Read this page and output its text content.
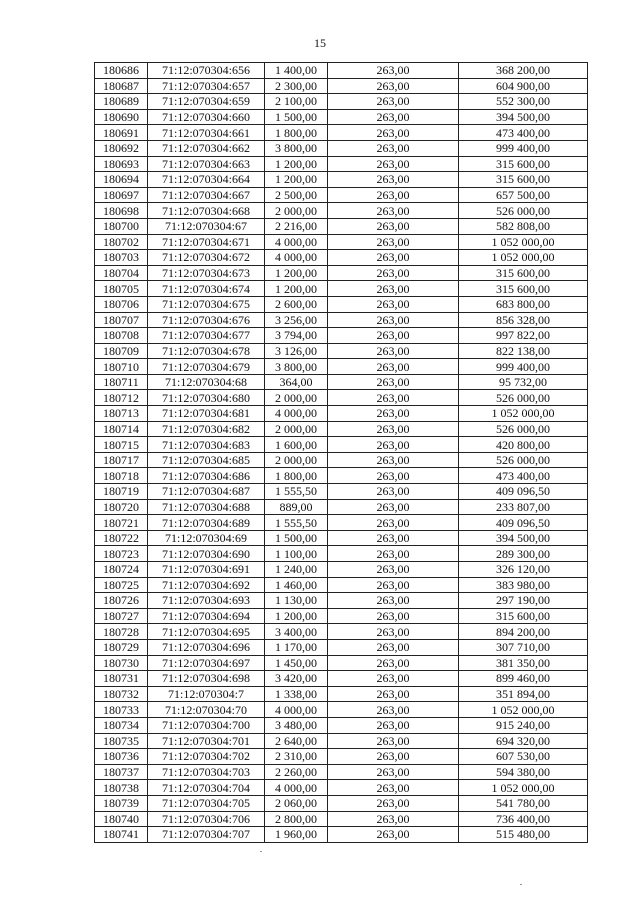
15
180686	71:12:070304:656	1 400,00	263,00	368 200,00
180687	71:12:070304:657	2 300,00	263,00	604 900,00
180689	71:12:070304:659	2 100,00	263,00	552 300,00
180690	71:12:070304:660	1 500,00	263,00	394 500,00
180691	71:12:070304:661	1 800,00	263,00	473 400,00
180692	71:12:070304:662	3 800,00	263,00	999 400,00
180693	71:12:070304:663	1 200,00	263,00	315 600,00
180694	71:12:070304:664	1 200,00	263,00	315 600,00
180697	71:12:070304:667	2 500,00	263,00	657 500,00
180698	71:12:070304:668	2 000,00	263,00	526 000,00
180700	71:12:070304:67	2 216,00	263,00	582 808,00
180702	71:12:070304:671	4 000,00	263,00	1 052 000,00
180703	71:12:070304:672	4 000,00	263,00	1 052 000,00
180704	71:12:070304:673	1 200,00	263,00	315 600,00
180705	71:12:070304:674	1 200,00	263,00	315 600,00
180706	71:12:070304:675	2 600,00	263,00	683 800,00
180707	71:12:070304:676	3 256,00	263,00	856 328,00
180708	71:12:070304:677	3 794,00	263,00	997 822,00
180709	71:12:070304:678	3 126,00	263,00	822 138,00
180710	71:12:070304:679	3 800,00	263,00	999 400,00
180711	71:12:070304:68	364,00	263,00	95 732,00
180712	71:12:070304:680	2 000,00	263,00	526 000,00
180713	71:12:070304:681	4 000,00	263,00	1 052 000,00
180714	71:12:070304:682	2 000,00	263,00	526 000,00
180715	71:12:070304:683	1 600,00	263,00	420 800,00
180717	71:12:070304:685	2 000,00	263,00	526 000,00
180718	71:12:070304:686	1 800,00	263,00	473 400,00
180719	71:12:070304:687	1 555,50	263,00	409 096,50
180720	71:12:070304:688	889,00	263,00	233 807,00
180721	71:12:070304:689	1 555,50	263,00	409 096,50
180722	71:12:070304:69	1 500,00	263,00	394 500,00
180723	71:12:070304:690	1 100,00	263,00	289 300,00
180724	71:12:070304:691	1 240,00	263,00	326 120,00
180725	71:12:070304:692	1 460,00	263,00	383 980,00
180726	71:12:070304:693	1 130,00	263,00	297 190,00
180727	71:12:070304:694	1 200,00	263,00	315 600,00
180728	71:12:070304:695	3 400,00	263,00	894 200,00
180729	71:12:070304:696	1 170,00	263,00	307 710,00
180730	71:12:070304:697	1 450,00	263,00	381 350,00
180731	71:12:070304:698	3 420,00	263,00	899 460,00
180732	71:12:070304:7	1 338,00	263,00	351 894,00
180733	71:12:070304:70	4 000,00	263,00	1 052 000,00
180734	71:12:070304:700	3 480,00	263,00	915 240,00
180735	71:12:070304:701	2 640,00	263,00	694 320,00
180736	71:12:070304:702	2 310,00	263,00	607 530,00
180737	71:12:070304:703	2 260,00	263,00	594 380,00
180738	71:12:070304:704	4 000,00	263,00	1 052 000,00
180739	71:12:070304:705	2 060,00	263,00	541 780,00
180740	71:12:070304:706	2 800,00	263,00	736 400,00
180741	71:12:070304:707	1 960,00	263,00	515 480,00
